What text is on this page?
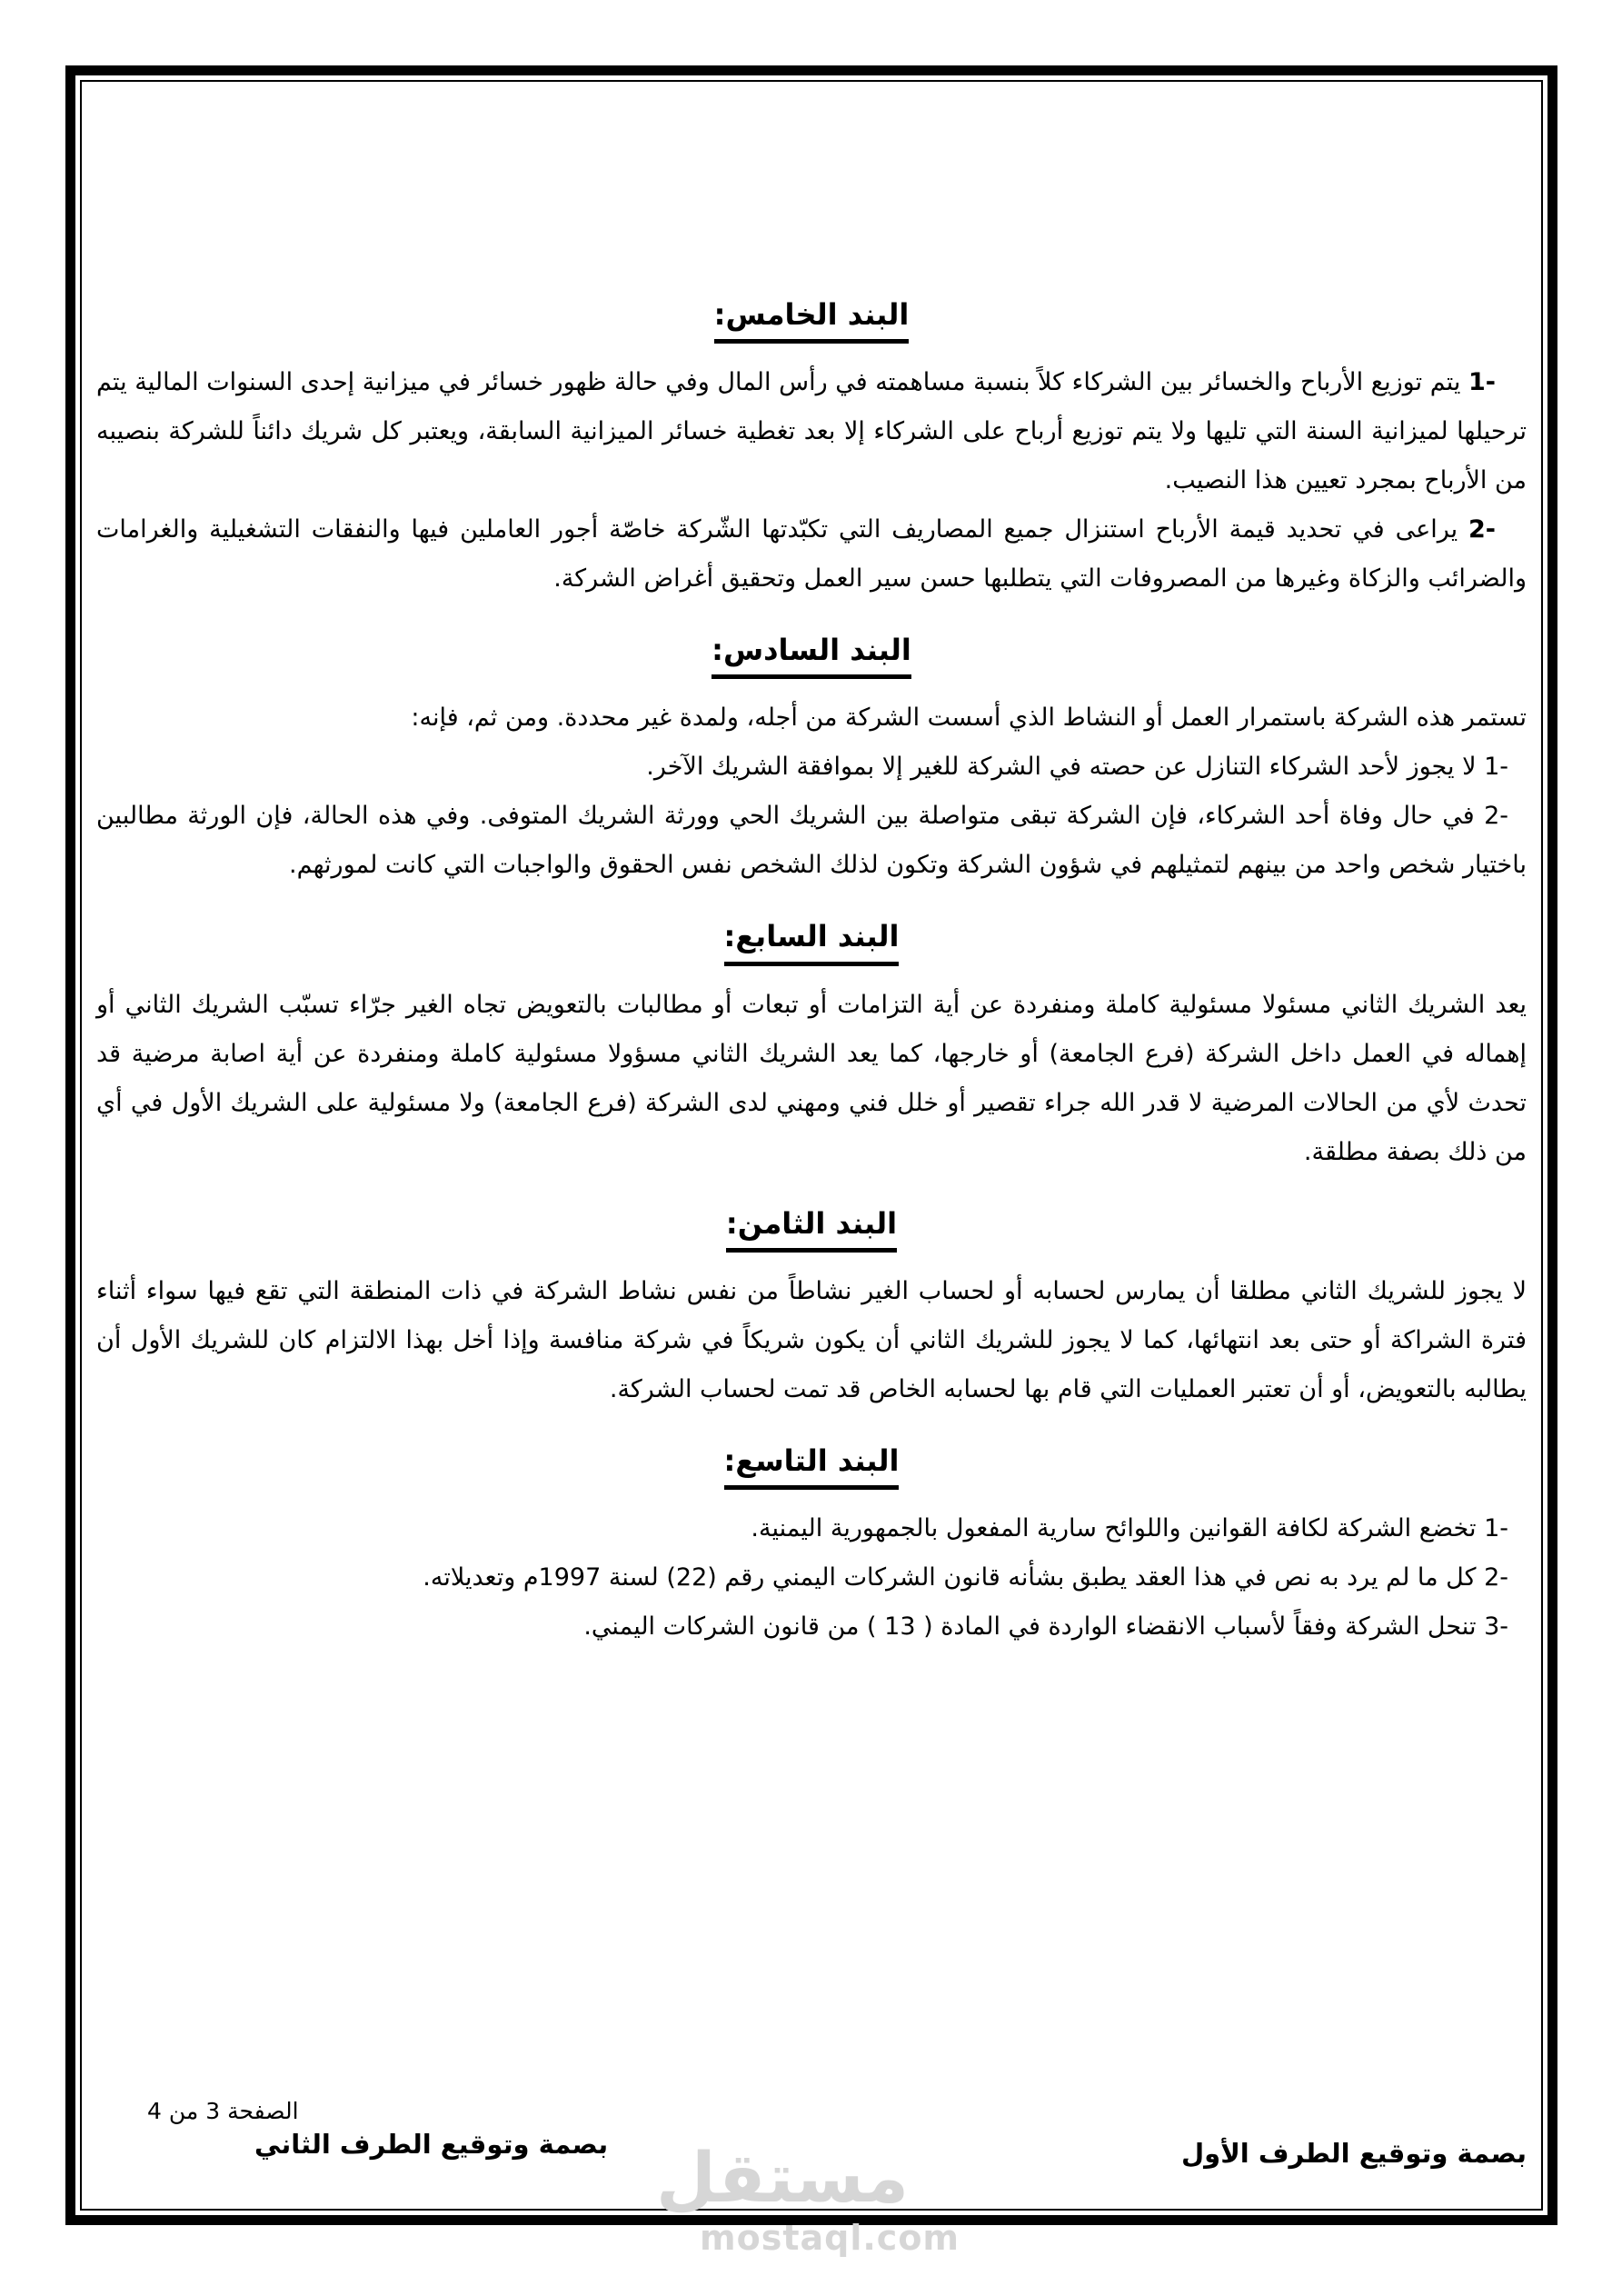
البند الخامس:

1- يتم توزيع الأرباح والخسائر بين الشركاء كلاً بنسبة مساهمته في رأس المال وفي حالة ظهور خسائر في ميزانية إحدى السنوات المالية يتم ترحيلها لميزانية السنة التي تليها ولا يتم توزيع أرباح على الشركاء إلا بعد تغطية خسائر الميزانية السابقة، ويعتبر كل شريك دائناً للشركة بنصيبه من الأرباح بمجرد تعيين هذا النصيب.

2- يراعى في تحديد قيمة الأرباح استنزال جميع المصاريف التي تكبّدتها الشّركة خاصّة أجور العاملين فيها والنفقات التشغيلية والغرامات والضرائب والزكاة وغيرها من المصروفات التي يتطلبها حسن سير العمل وتحقيق أغراض الشركة.

البند السادس:

تستمر هذه الشركة باستمرار العمل أو النشاط الذي أسست الشركة من أجله، ولمدة غير محددة. ومن ثم، فإنه:

1- لا يجوز لأحد الشركاء التنازل عن حصته في الشركة للغير إلا بموافقة الشريك الآخر.

2- في حال وفاة أحد الشركاء، فإن الشركة تبقى متواصلة بين الشريك الحي وورثة الشريك المتوفى. وفي هذه الحالة، فإن الورثة مطالبين باختيار شخص واحد من بينهم لتمثيلهم في شؤون الشركة وتكون لذلك الشخص نفس الحقوق والواجبات التي كانت لمورثهم.

البند السابع:

يعد الشريك الثاني مسئولا مسئولية كاملة ومنفردة عن أية التزامات أو تبعات أو مطالبات بالتعويض تجاه الغير جرّاء تسبّب الشريك الثاني أو إهماله في العمل داخل الشركة (فرع الجامعة) أو خارجها، كما يعد الشريك الثاني مسؤولا مسئولية كاملة ومنفردة عن أية اصابة مرضية قد تحدث لأي من الحالات المرضية لا قدر الله جراء تقصير أو خلل فني ومهني لدى الشركة (فرع الجامعة) ولا مسئولية على الشريك الأول في أي من ذلك بصفة مطلقة.

البند الثامن:

لا يجوز للشريك الثاني مطلقا أن يمارس لحسابه أو لحساب الغير نشاطاً من نفس نشاط الشركة في ذات المنطقة التي تقع فيها سواء أثناء فترة الشراكة أو حتى بعد انتهائها، كما لا يجوز للشريك الثاني أن يكون شريكاً في شركة منافسة وإذا أخل بهذا الالتزام كان للشريك الأول أن يطالبه بالتعويض، أو أن تعتبر العمليات التي قام بها لحسابه الخاص قد تمت لحساب الشركة.

البند التاسع:

1- تخضع الشركة لكافة القوانين واللوائح سارية المفعول بالجمهورية اليمنية.

2- كل ما لم يرد به نص في هذا العقد يطبق بشأنه قانون الشركات اليمني رقم (22) لسنة 1997م وتعديلاته.

3- تنحل الشركة وفقاً لأسباب الانقضاء الواردة في المادة ( 13 ) من قانون الشركات اليمني.

الصفحة 3 من 4
بصمة وتوقيع الطرف الثاني	بصمة وتوقيع الطرف الأول
مستقل
mostaql.com
